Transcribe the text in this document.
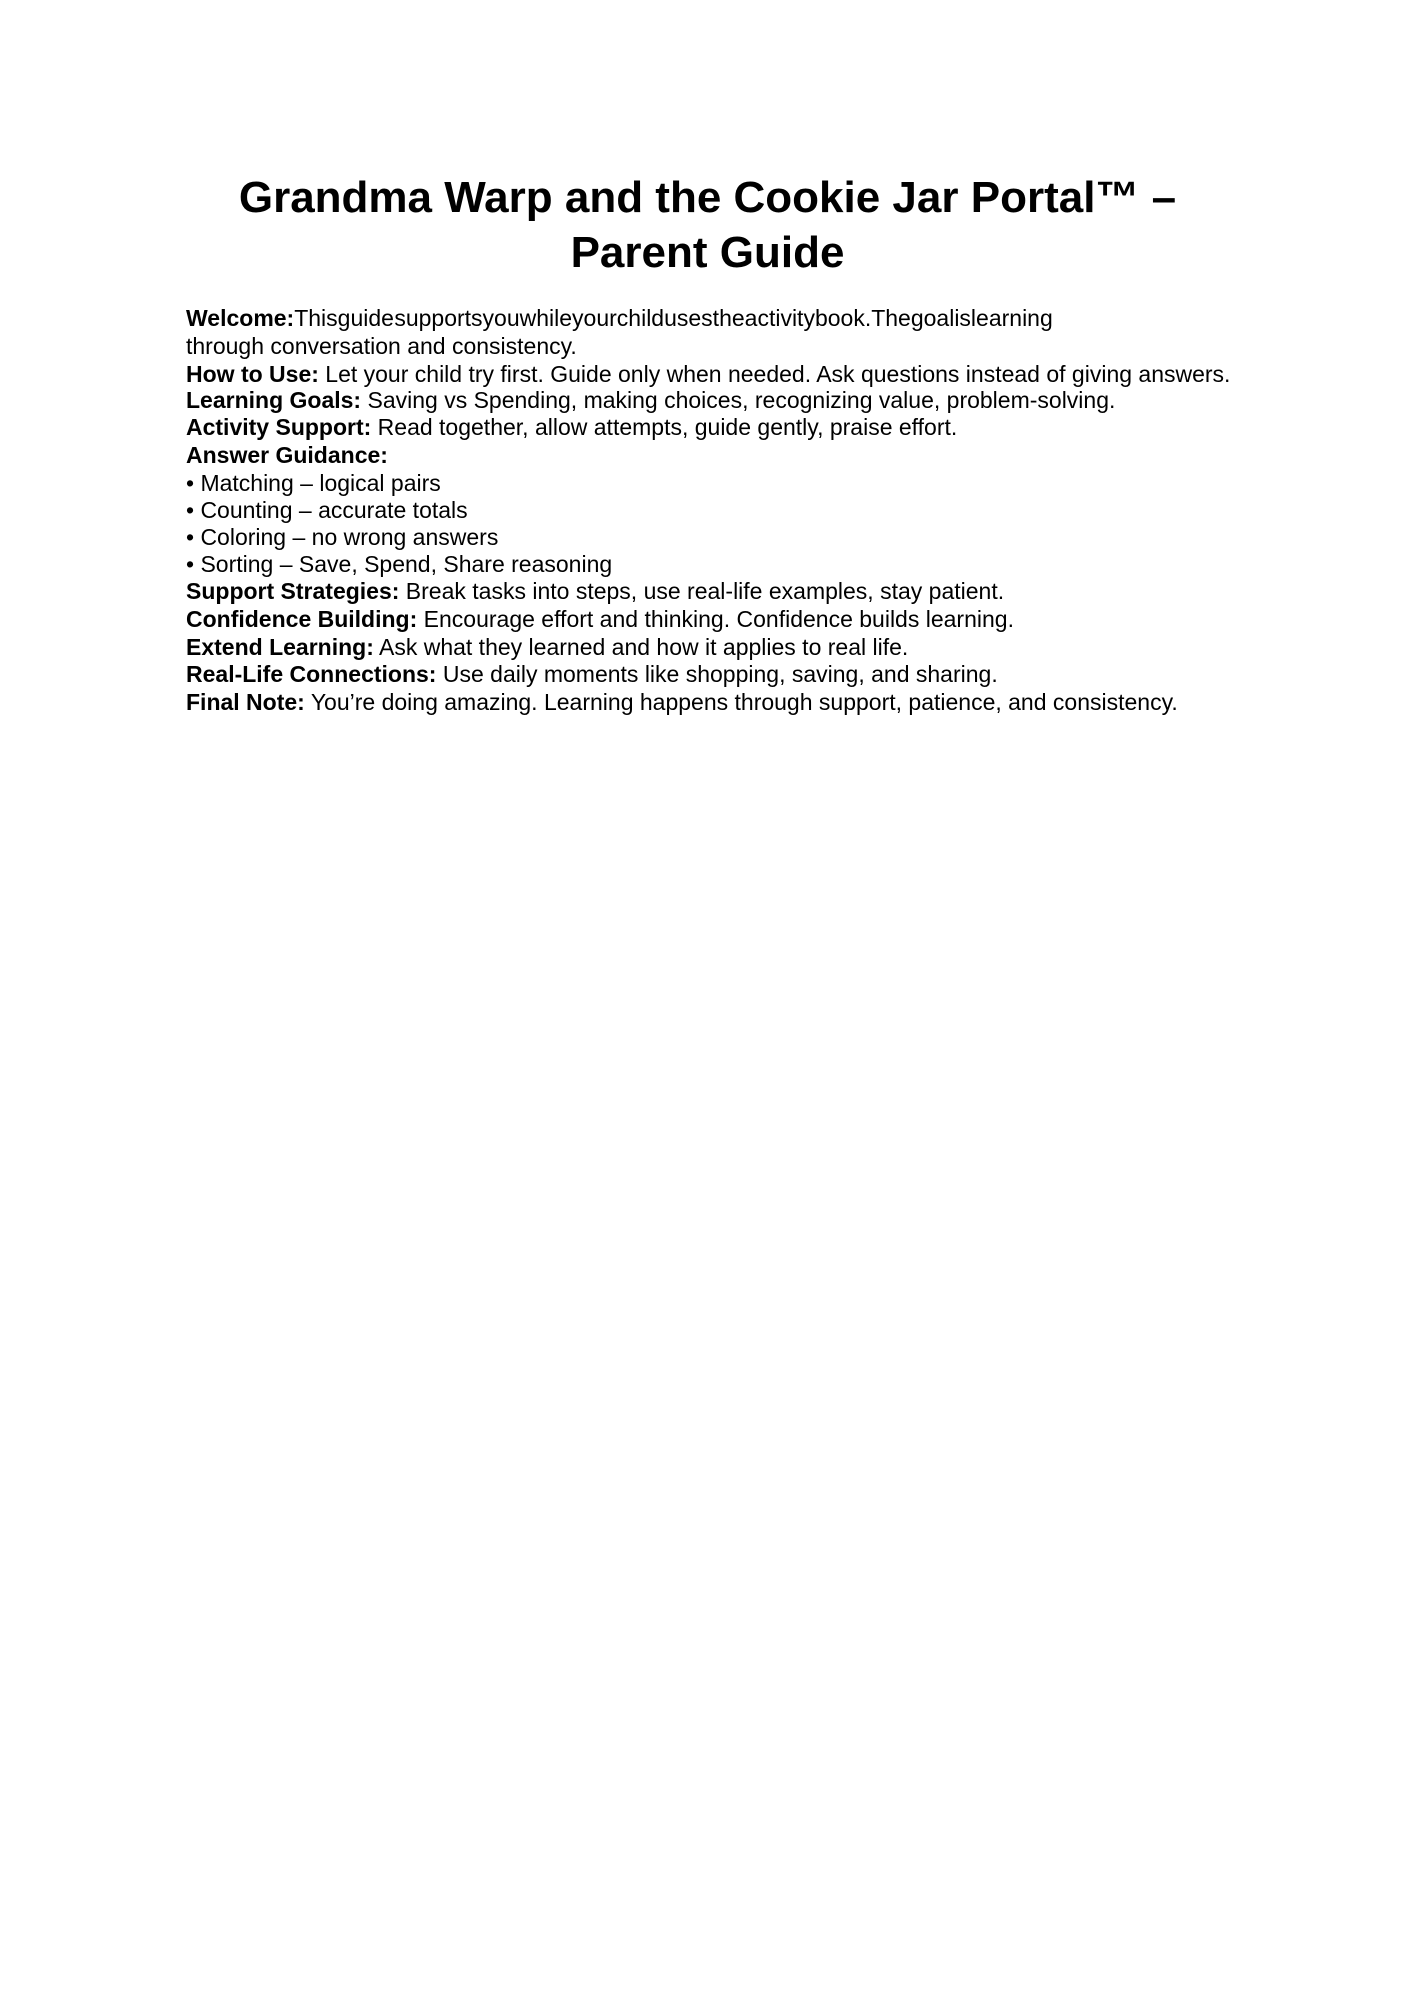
Grandma Warp and the Cookie Jar Portal™ –
Parent Guide

Welcome:Thisguide supportsyouwhileyourchildusestheactivitybook.Thegoalislearning
through conversation and consistency.

How to Use: Let your child try first. Guide only when needed. Ask questions instead of giving answers.

Learning Goals: Saving vs Spending, making choices, recognizing value, problem-solving.

Activity Support: Read together, allow attempts, guide gently, praise effort.

Answer Guidance:

• Matching – logical pairs
• Counting – accurate totals
• Coloring – no wrong answers
• Sorting – Save, Spend, Share reasoning

Support Strategies: Break tasks into steps, use real-life examples, stay patient.

Confidence Building: Encourage effort and thinking. Confidence builds learning.

Extend Learning: Ask what they learned and how it applies to real life.

Real-Life Connections: Use daily moments like shopping, saving, and sharing.

Final Note: You’re doing amazing. Learning happens through support, patience, and consistency.
